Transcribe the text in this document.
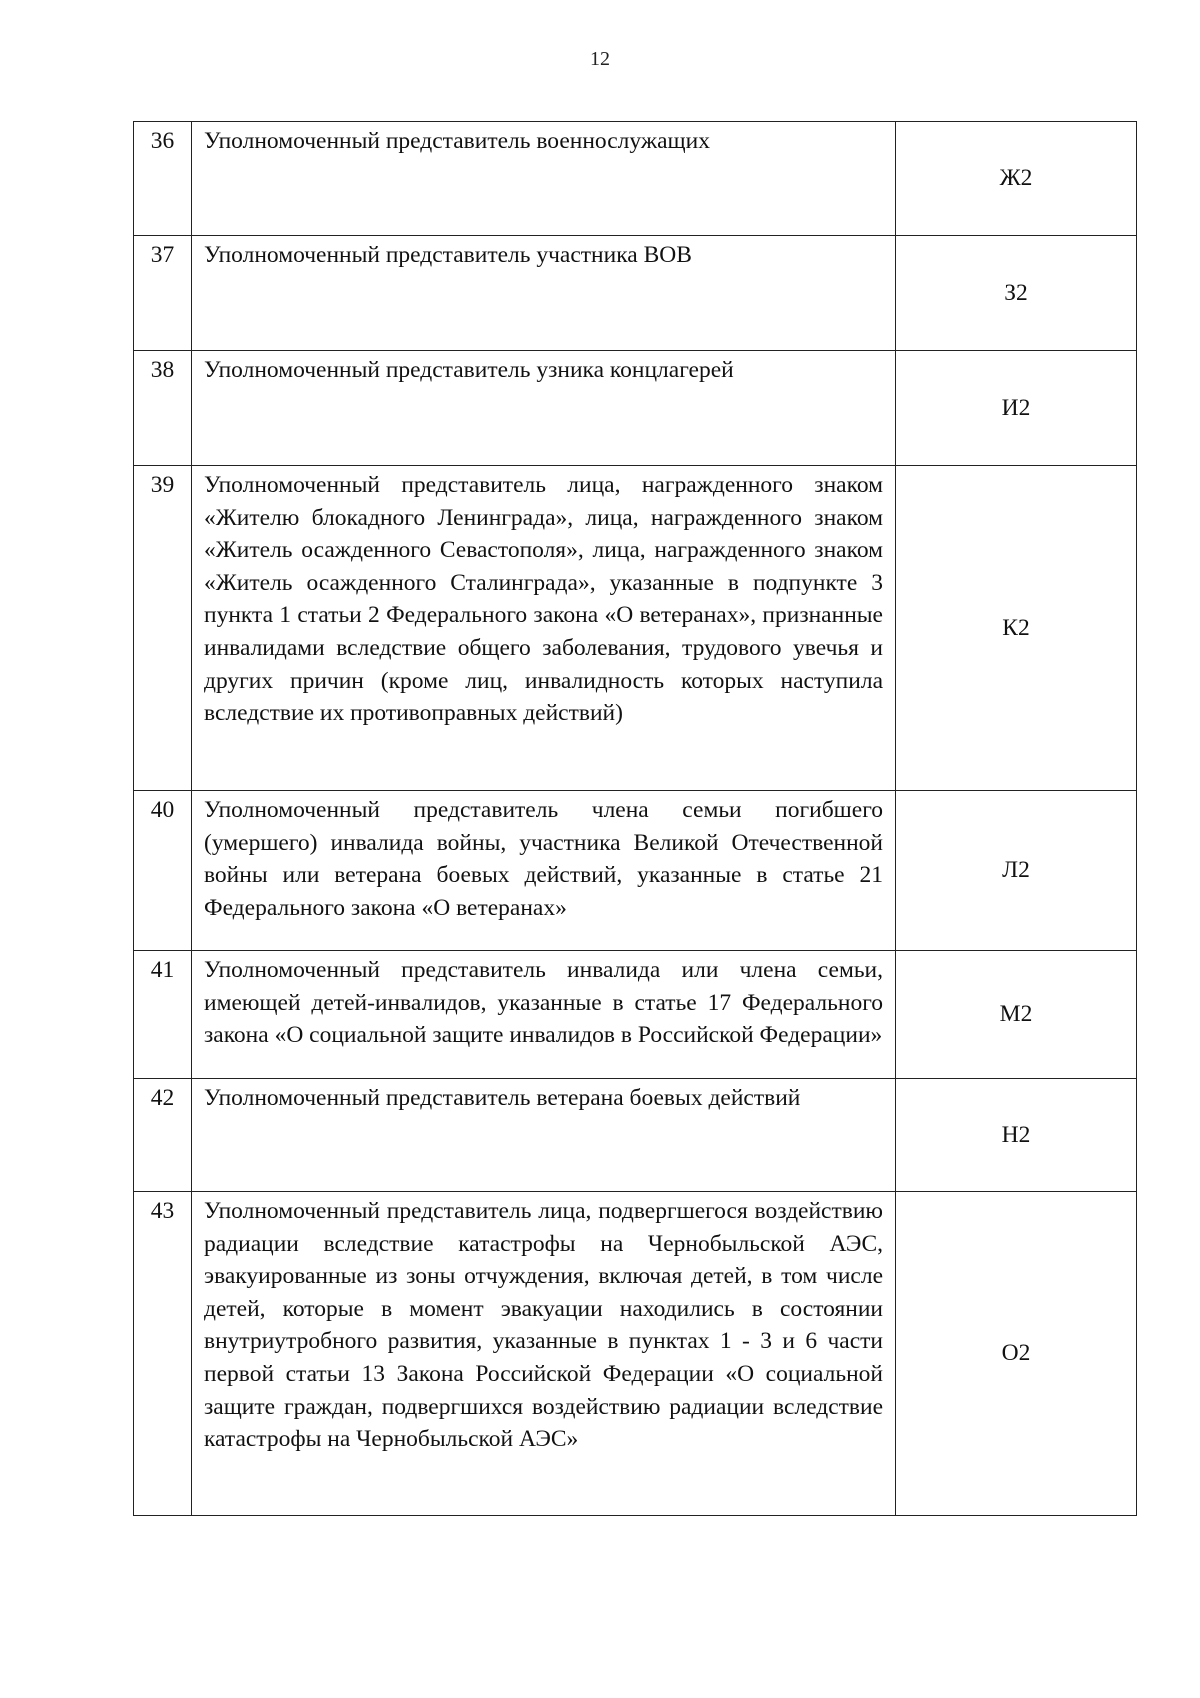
12
36	Уполномоченный представитель военнослужащих	Ж2
37	Уполномоченный представитель участника ВОВ	З2
38	Уполномоченный представитель узника концлагерей	И2
39	Уполномоченный представитель лица, награжденного знаком «Жителю блокадного Ленинграда», лица, награжденного знаком «Житель осажденного Севастополя», лица, награжденного знаком «Житель осажденного Сталинграда», указанные в подпункте 3 пункта 1 статьи 2 Федерального закона «О ветеранах», признанные инвалидами вследствие общего заболевания, трудового увечья и других причин (кроме лиц, инвалидность которых наступила вследствие их противоправных действий)	К2
40	Уполномоченный представитель члена семьи погибшего (умершего) инвалида войны, участника Великой Отечественной войны или ветерана боевых действий, указанные в статье 21 Федерального закона «О ветеранах»	Л2
41	Уполномоченный представитель инвалида или члена семьи, имеющей детей-инвалидов, указанные в статье 17 Федерального закона «О социальной защите инвалидов в Российской Федерации»	М2
42	Уполномоченный представитель ветерана боевых действий	Н2
43	Уполномоченный представитель лица, подвергшегося воздействию радиации вследствие катастрофы на Чернобыльской АЭС, эвакуированные из зоны отчуждения, включая детей, в том числе детей, которые в момент эвакуации находились в состоянии внутриутробного развития, указанные в пунктах 1 - 3 и 6 части первой статьи 13 Закона Российской Федерации «О социальной защите граждан, подвергшихся воздействию радиации вследствие катастрофы на Чернобыльской АЭС»	О2
